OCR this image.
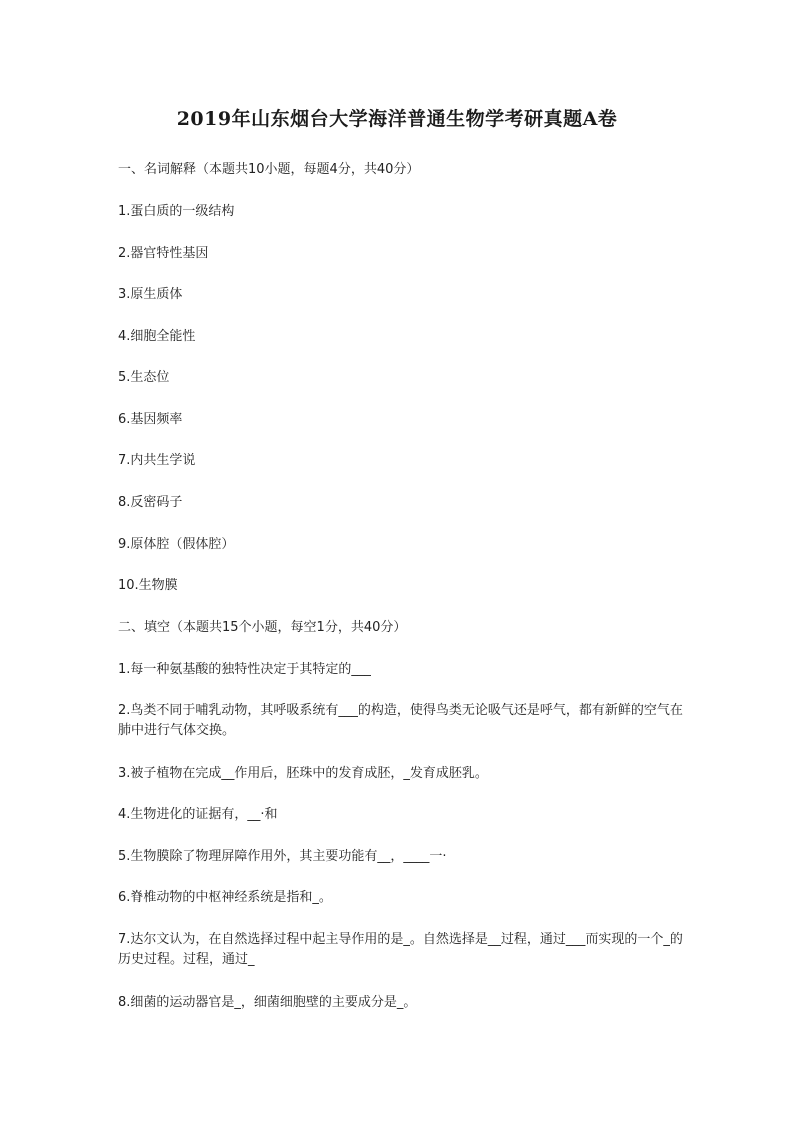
2019年山东烟台大学海洋普通生物学考研真题A卷
一、名词解释（本题共10小题，每题4分，共40分）
1.蛋白质的一级结构
2.器官特性基因
3.原生质体
4.细胞全能性
5.生态位
6.基因频率
7.内共生学说
8.反密码子
9.原体腔（假体腔）
10.生物膜
二、填空（本题共15个小题，每空1分，共40分）
1.每一种氨基酸的独特性决定于其特定的___
2.鸟类不同于哺乳动物，其呼吸系统有___的构造，使得鸟类无论吸气还是呼气，都有新鲜的空气在肺中进行气体交换。
3.被子植物在完成__作用后，胚珠中的发育成胚，_发育成胚乳。
4.生物进化的证据有，__·和
5.生物膜除了物理屏障作用外，其主要功能有__，____一·
6.脊椎动物的中枢神经系统是指和_。
7.达尔文认为，在自然选择过程中起主导作用的是_。自然选择是__过程，通过___而实现的一个_的历史过程。过程，通过_
8.细菌的运动器官是_，细菌细胞壁的主要成分是_。
